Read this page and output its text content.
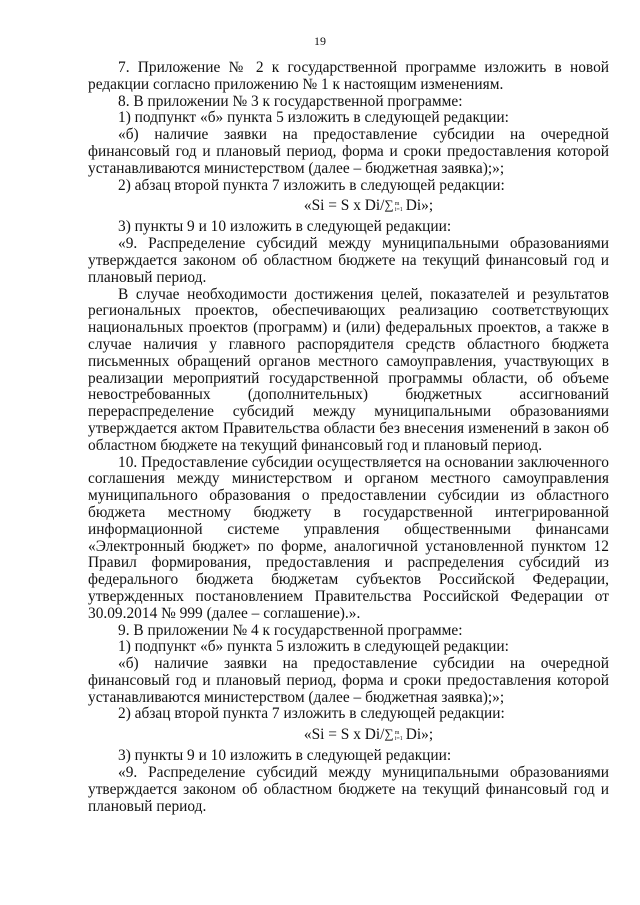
19

7. Приложение № 2 к государственной программе изложить в новой редакции согласно приложению № 1 к настоящим изменениям.

8. В приложении № 3 к государственной программе:

1) подпункт «б» пункта 5 изложить в следующей редакции:

«б) наличие заявки на предоставление субсидии на очередной финансовый год и плановый период, форма и сроки предоставления которой устанавливаются министерством (далее – бюджетная заявка);»;

2) абзац второй пункта 7 изложить в следующей редакции:

«Si = S x Di/∑ m
i=1 Di»;

3) пункты 9 и 10 изложить в следующей редакции:

«9. Распределение субсидий между муниципальными образованиями утверждается законом об областном бюджете на текущий финансовый год и плановый период.

В случае необходимости достижения целей, показателей и результатов региональных проектов, обеспечивающих реализацию соответствующих национальных проектов (программ) и (или) федеральных проектов, а также в случае наличия у главного распорядителя средств областного бюджета письменных обращений органов местного самоуправления, участвующих в реализации мероприятий государственной программы области, об объеме невостребованных (дополнительных) бюджетных ассигнований перераспределение субсидий между муниципальными образованиями утверждается актом Правительства области без внесения изменений в закон об областном бюджете на текущий финансовый год и плановый период.

10. Предоставление субсидии осуществляется на основании заключенного соглашения между министерством и органом местного самоуправления муниципального образования о предоставлении субсидии из областного бюджета местному бюджету в государственной интегрированной информационной системе управления общественными финансами «Электронный бюджет» по форме, аналогичной установленной пунктом 12 Правил формирования, предоставления и распределения субсидий из федерального бюджета бюджетам субъектов Российской Федерации, утвержденных постановлением Правительства Российской Федерации от 30.09.2014 № 999 (далее – соглашение).».

9. В приложении № 4 к государственной программе:

1) подпункт «б» пункта 5 изложить в следующей редакции:

«б) наличие заявки на предоставление субсидии на очередной финансовый год и плановый период, форма и сроки предоставления которой устанавливаются министерством (далее – бюджетная заявка);»;

2) абзац второй пункта 7 изложить в следующей редакции:

«Si = S x Di/∑ m
i=1 Di»;

3) пункты 9 и 10 изложить в следующей редакции:

«9. Распределение субсидий между муниципальными образованиями утверждается законом об областном бюджете на текущий финансовый год и плановый период.
